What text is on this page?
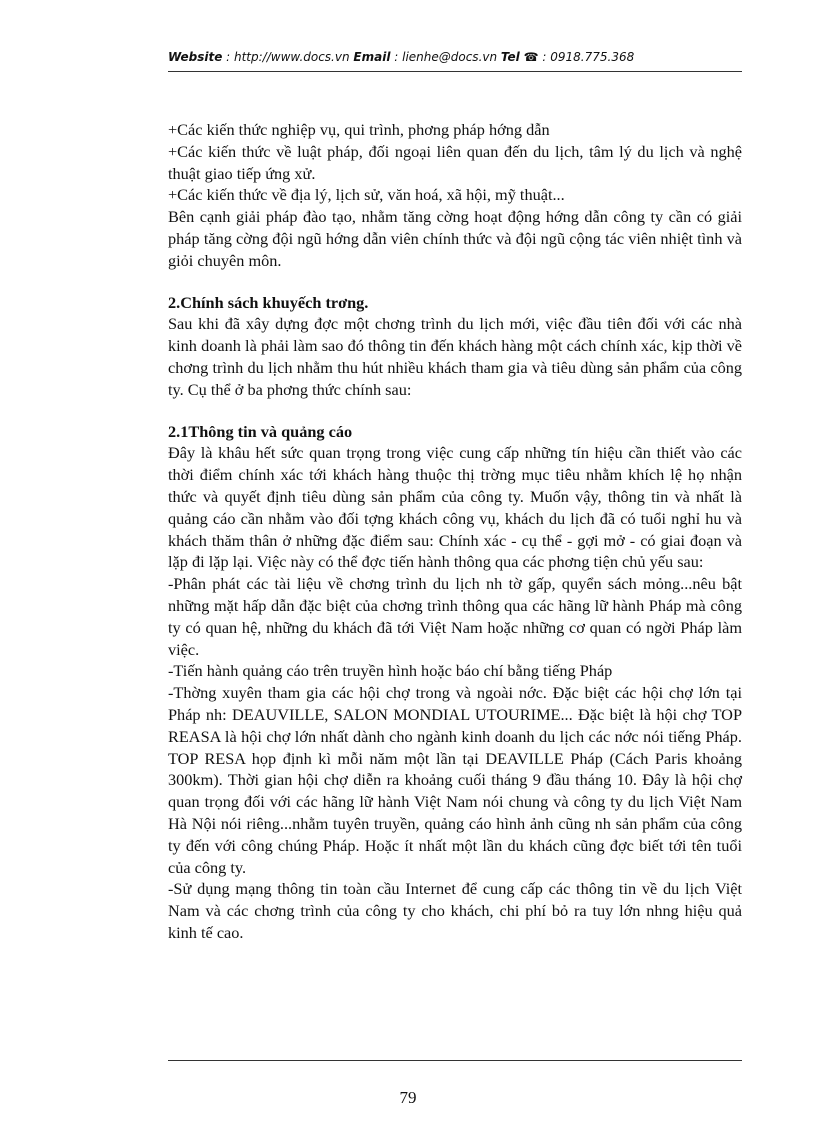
Website : http://www.docs.vn Email : lienhe@docs.vn Tel ☎ : 0918.775.368

+Các kiến thức nghiệp vụ, qui trình, phơng pháp hớng dẫn

+Các kiến thức về luật pháp, đối ngoại liên quan đến du lịch, tâm lý du lịch và nghệ thuật giao tiếp ứng xử.

+Các kiến thức về địa lý, lịch sử, văn hoá, xã hội, mỹ thuật...

Bên cạnh giải pháp đào tạo, nhằm tăng cờng hoạt động hớng dẫn công ty cần có giải pháp tăng cờng đội ngũ hớng dẫn viên chính thức và đội ngũ cộng tác viên nhiệt tình và giỏi chuyên môn.

2.Chính sách khuyếch trơng.

Sau khi đã xây dựng đợc một chơng trình du lịch mới, việc đầu tiên đối với các nhà kinh doanh là phải làm sao đó thông tin đến khách hàng một cách chính xác, kịp thời về chơng trình du lịch nhằm thu hút nhiều khách tham gia và tiêu dùng sản phẩm của công ty. Cụ thể ở ba phơng thức chính sau:

2.1Thông tin và quảng cáo

Đây là khâu hết sức quan trọng trong việc cung cấp những tín hiệu cần thiết vào các thời điểm chính xác tới khách hàng thuộc thị trờng mục tiêu nhằm khích lệ họ nhận thức và quyết định tiêu dùng sản phẩm của công ty. Muốn vậy, thông tin và nhất là quảng cáo cần nhằm vào đối tợng khách công vụ, khách du lịch đã có tuổi nghỉ hu và khách thăm thân ở những đặc điểm sau: Chính xác - cụ thể - gợi mở - có giai đoạn và lặp đi lặp lại. Việc này có thể đợc tiến hành thông qua các phơng tiện chủ yếu sau:

-Phân phát các tài liệu về chơng trình du lịch nh tờ gấp, quyển sách mỏng...nêu bật những mặt hấp dẫn đặc biệt của chơng trình thông qua các hãng lữ hành Pháp mà công ty có quan hệ, những du khách đã tới Việt Nam hoặc những cơ quan có ngời Pháp làm việc.

-Tiến hành quảng cáo trên truyền hình hoặc báo chí bằng tiếng Pháp

-Thờng xuyên tham gia các hội chợ trong và ngoài nớc. Đặc biệt các hội chợ lớn tại Pháp nh: DEAUVILLE, SALON MONDIAL UTOURIME... Đặc biệt là hội chợ TOP REASA là hội chợ lớn nhất dành cho ngành kinh doanh du lịch các nớc nói tiếng Pháp. TOP RESA họp định kì mỗi năm một lần tại DEAVILLE Pháp (Cách Paris khoảng 300km). Thời gian hội chợ diễn ra khoảng cuối tháng 9 đầu tháng 10. Đây là hội chợ quan trọng đối với các hãng lữ hành Việt Nam nói chung và công ty du lịch Việt Nam Hà Nội nói riêng...nhằm tuyên truyền, quảng cáo hình ảnh cũng nh sản phẩm của công ty đến với công chúng Pháp. Hoặc ít nhất một lần du khách cũng đợc biết tới tên tuổi của công ty.

-Sử dụng mạng thông tin toàn cầu Internet để cung cấp các thông tin về du lịch Việt Nam và các chơng trình của công ty cho khách, chi phí bỏ ra tuy lớn nhng hiệu quả kinh tế cao.

79
